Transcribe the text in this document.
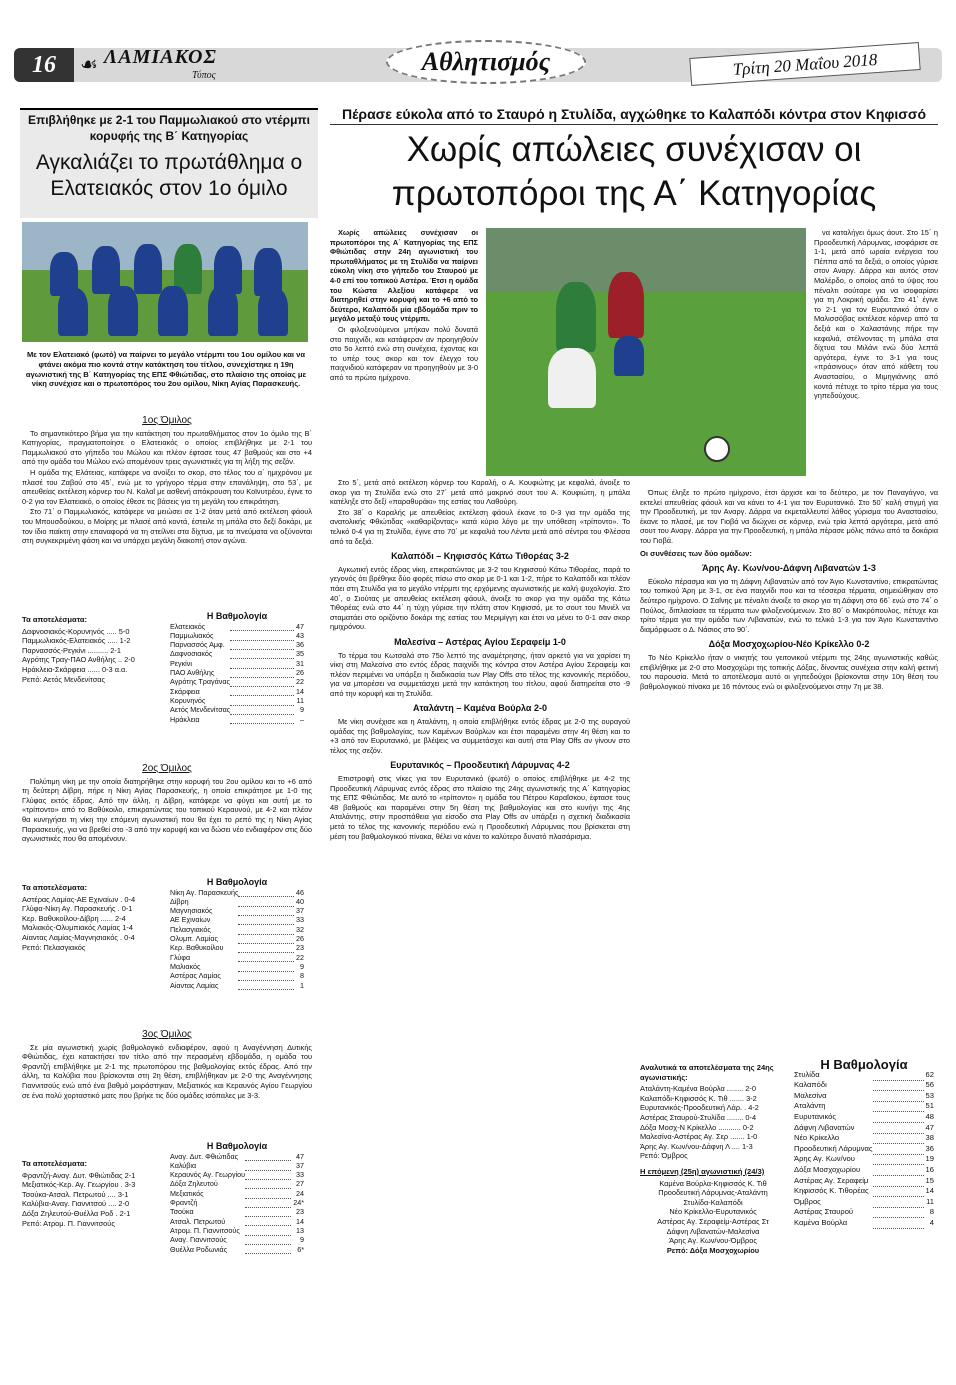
16	☙ ΛΑΜΙΑΚΟΣ
Τύπος	Αθλητισμός	Τρίτη 20 Μαΐου 2018
Επιβλήθηκε με 2-1 του Παμμωλιακού στο ντέρμπι κορυφής της Β΄ Κατηγορίας
Αγκαλιάζει το πρωτάθλημα ο Ελατειακός στον 1ο όμιλο
Με τον Ελατειακό (φωτό) να παίρνει το μεγάλο ντέρμπι του 1ου ομίλου και να φτάνει ακόμα πιο κοντά στην κατάκτηση του τίτλου, συνεχίστηκε η 19η αγωνιστική της Β΄ Κατηγορίας της ΕΠΣ Φθιώτιδας, στο πλαίσιο της οποίας με νίκη συνέχισε και ο πρωτοπόρος του 2ου ομίλου, Νίκη Αγίας Παρασκευής.
1ος Όμιλος

Το σημαντικότερο βήμα για την κατάκτηση του πρωταθλήματος στον 1ο όμιλο της Β΄ Κατηγορίας, πραγματοποίησε ο Ελατειακός ο οποίος επιβλήθηκε με 2-1 του Παμμωλιακού στο γήπεδο του Μώλου και πλέον έφτασε τους 47 βαθμούς και στο +4 από την ομάδα του Μώλου ενώ απομένουν τρεις αγωνιστικές για τη λήξη της σεζόν.

Η ομάδα της Ελάτειας, κατάφερε να ανοίξει το σκορ, στο τέλος του α΄ ημιχρόνου με πλασέ του Ζαβού στο 45΄, ενώ με το γρήγορο τέρμα στην επανάληψη, στο 53΄, με απευθείας εκτέλεση κόρνερ του Ν. Καλαΐ με ασθενή απόκρουση του Κοϊνυτρέου, έγινε το 0-2 για τον Ελατειακό, ο οποίος έθεσε τις βάσεις για τη μεγάλη του επικράτηση.

Στο 71΄ ο Παμμωλιακός, κατάφερε να μειώσει σε 1-2 όταν μετά από εκτέλεση φάουλ του Μπουσδούκου, ο Μοίρης με πλασέ από κοντά, έστειλε τη μπάλα στο δεξί δοκάρι, με τον ίδιο παίκτη στην επαναφορά να τη στείλνει στα δίχτυα, με τα πνεύματα να οξύνονται στη συγκεκριμένη φάση και να υπάρχει μεγάλη διακοπή στον αγώνα.

Τα αποτελέσματα:
Δαφνοσιακός-Κορυνηνός ..... 5-0
Παμμωλιακός-Ελατειακός ..... 1-2
Παρνασσός-Ρεγκίνι .......... 2-1
Αγρότης Τραγ-ΠΑΟ Ανθήλης .. 2-0
Ηράκλεια-Σκάρφεια ...... 0-3 α.α.
Ρεπό: Αετός Μενδενίτσας
Η Βαθμολογία
Ελατειακός		47
Παμμωλιακός		43
Παρνασσός Αμφ.		36
Δαφνοσιακός		35
Ρεγκίνι		31
ΠΑΟ Ανθήλης		26
Αγρότης Τραγάνας		22
Σκάρφεια		14
Κορυνηνός		11
Αετός Μενδενίτσας		9
Ηράκλεια		–
2ος Όμιλος

Πολύτιμη νίκη με την οποία διατηρήθηκε στην κορυφή του 2ου ομίλου και το +6 από τη δεύτερη Δίβρη, πήρε η Νίκη Αγίας Παρασκευής, η οποία επικράτησε με 1-0 της Γλύφας εκτός έδρας. Από την άλλη, η Δίβρη, κατάφερε να φύγει και αυτή με το «τρίποντο» από το Βαθύκοιλο, επικρατώντας του τοπικού Κεραυνού, με 4-2 και πλέον θα κυνηγήσει τη νίκη την επόμενη αγωνιστική που θα έχει το ρεπό της η Νίκη Αγίας Παρασκευής, για να βρεθεί στο -3 από την κορυφή και να δώσει νέο ενδιαφέρον στις δύο αγωνιστικές που θα απομένουν.

Τα αποτελέσματα:
Αστέρας Λαμίας-ΑΕ Εχιναίων . 0-4
Γλύφα-Νίκη Αγ. Παρασκευής . 0-1
Κερ. Βαθυκοίλου-Δίβρη ...... 2-4
Μαλιακός-Ολυμπιακός Λαμίας 1-4
Αίαντας Λαμίας-Μαγνησιακός . 0-4
Ρεπό: Πελασγιακός
Η Βαθμολογία
Νίκη Αγ. Παρασκευής		46
Δίβρη		40
Μαγνησιακός		37
ΑΕ Εχιναίων		33
Πελασγιακός		32
Ολυμπ. Λαμίας		26
Κερ. Βαθυκοίλου		23
Γλύφα		22
Μαλιακός		9
Αστέρας Λαμίας		8
Αίαντας Λαμίας		1
3ος Όμιλος

Σε μία αγωνιστική χωρίς βαθμολογικό ενδιαφέρον, αφού η Αναγέννηση Δυτικής Φθιώτιδας, έχει κατακτήσει τον τίτλο από την περασμένη εβδομάδα, η ομάδα του Φραντζή επιβλήθηκε με 2-1 της πρωτοπόρου της βαθμολογίας εκτός έδρας. Από την άλλη, τα Καλύβια που βρίσκονται στη 2η θέση, επιβλήθηκαν με 2-0 της Αναγέννησης Γιαννιτσούς ενώ από ένα βαθμό μοιράστηκαν, Μεξιατικός και Κεραυνός Αγίου Γεωργίου σε ένα πολύ χορταστικό ματς που βρήκε τις δύο ομάδες ισόπαλες με 3-3.

Τα αποτελέσματα:
Φραντζή-Αναγ. Δυτ. Φθιώτιδας 2-1
Μεξιατικός-Κερ. Αγ. Γεωργίου . 3-3
Τσούκα-Ατσαλ. Πετρωτού .... 3-1
Καλύβια-Αναγ. Γιαννιτσού .... 2-0
Δόξα Ζηλευτού-Θυέλλα Ροδ . 2-1
Ρεπό: Ατρομ. Π. Γιαννιτσούς
Η Βαθμολογία
Αναγ. Δυτ. Φθιώτιδας		47
Καλύβια		37
Κεραυνός Αγ. Γεωργίου		33
Δόξα Ζηλευτού		27
Μεξιατικός		24
Φραντζή		24*
Τσούκα		23
Ατσαλ. Πετρωτού		14
Ατρομ. Π. Γιαννιτσούς		13
Αναγ. Γιαννιτσούς		9
Θυέλλα Ροδωνιάς		6*
Πέρασε εύκολα από το Σταυρό η Στυλίδα, αγχώθηκε το Καλαπόδι κόντρα στον Κηφισσό
Χωρίς απώλειες συνέχισαν οι πρωτοπόροι της Α΄ Κατηγορίας

Χωρίς απώλειες συνέχισαν οι πρωτοπόροι της Α΄ Κατηγορίας της ΕΠΣ Φθιώτιδας στην 24η αγωνιστική του πρωταθλήματος με τη Στυλίδα να παίρνει εύκολη νίκη στο γήπεδο του Σταυρού με 4-0 επί του τοπικού Αστέρα. Έτσι η ομάδα του Κώστα Αλεξίου κατάφερε να διατηρηθεί στην κορυφή και το +6 από το δεύτερο, Καλαπόδι μία εβδομάδα πριν το μεγάλο μεταξύ τους ντέρμπι.

Οι φιλοξενούμενοι μπήκαν πολύ δυνατά στο παιχνίδι, και κατάφεραν αν προηγηθούν στο 5ο λεπτό ενώ στη συνέχεια, έχοντας και το υπέρ τους σκορ και τον έλεγχο του παιχνιδιού κατάφεραν να προηγηθούν με 3-0 από το πρώτο ημίχρονο.

Στο 5΄, μετά από εκτέλεση κόρνερ του Καραλή, ο Α. Κουφιώτης με κεφαλιά, άνοιξε το σκορ για τη Στυλίδα ενώ στο 27΄ μετά από μακρινό σουτ του Α. Κουφιώτη, η μπάλα κατέληξε στο δεξί «παραθυράκι» της εστίας του Λαθούρη.

Στο 38΄ ο Καραλής με απευθείας εκτέλεση φάουλ έκανε το 0-3 για την ομάδα της ανατολικής Φθιώτιδας «καθαρίζοντας» κατά κύριο λόγο με την υπόθεση «τρίποντο». Το τελικό 0-4 για τη Στυλίδα, έγινε στο 70΄ με κεφαλιά του Λέντα μετά από σέντρα του Φλέσσα από τα δεξιά.

Καλαπόδι – Κηφισσός Κάτω Τιθορέας 3-2

Αγκωτική εντός έδρας νίκη, επικρατώντας με 3-2 του Κηφισσού Κάτω Τιθορέας, παρά το γεγονός ότι βρέθηκε δύο φορές πίσω στο σκορ με 0-1 και 1-2, πήρε το Καλαπόδι και πλέον πάει στη Στυλίδα για το μεγάλο ντέρμπι της ερχόμενης αγωνιστικής με καλή ψυχολογία. Στο 40΄, ο Σιούτας με απευθείας εκτέλεση φάουλ, άνοιξε το σκορ για την ομάδα της Κάτω Τιθορέας ενώ στο 44΄ η τύχη γύρισε την πλάτη στον Κηφισσό, με το σουτ του Μινιέλ να σταματάει στο οριζόντιο δοκάρι της εστίας του Μεριμίγγη και έτσι να μένει το 0-1 σαν σκορ ημιχρόνου.

Μαλεσίνα – Αστέρας Αγίου Σεραφείμ 1-0

Το τέρμα του Κωτσαλά στο 75ο λεπτό της αναμέτρησης, ήταν αρκετό για να χαρίσει τη νίκη στη Μαλεσίνα στο εντός έδρας παιχνίδι της κόντρα στον Αστέρα Αγίου Σεραφείμ και πλέον περιμένει να υπάρξει η διαδικασία των Play Offs στο τέλος της κανονικής περιόδου, για να μπορέσει να συμμετάσχει μετά την κατάκτηση του τίτλου, αφού διατηρείται στο -9 από την κορυφή και τη Στυλίδα.

Αταλάντη – Καμένα Βούρλα 2-0

Με νίκη συνέχισε και η Αταλάντη, η οποία επιβλήθηκε εντός έδρας με 2-0 της ουραγού ομάδας της βαθμολογίας, των Καμένων Βούρλων και έτσι παραμένει στην 4η θέση και το +3 από τον Ευρυτανικό, με βλέψεις να συμμετάσχει και αυτή στα Play Offs αν γίνουν στο τέλος της σεζόν.

Ευρυτανικός – Προοδευτική Λάρυμνας 4-2

Επιστροφή στις νίκες για τον Ευρυτανικό (φωτό) ο οποίος επιβλήθηκε με 4-2 της Προοδευτική Λάρυμνας εντός έδρας στο πλαίσιο της 24ης αγωνιστικής της Α΄ Κατηγορίας της ΕΠΣ Φθιώτιδας. Με αυτό το «τρίποντο» η ομάδα του Πέτρου Καραΐσκου, έφτασε τους 48 βαθμούς και παραμένει στην 5η θέση της βαθμολογίας και στο κυνήγι της 4ης Αταλάντης, στην προσπάθεια για είσοδο στα Play Offs αν υπάρξει η σχετική διαδικασία μετά το τέλος της κανονικής περιόδου ενώ η Προοδευτική Λάρυμνας που βρίσκεται στη μέση του βαθμολογικού πίνακα, θέλει να κάνει το καλύτερο δυνατό πλασάρισμα.

να καταλήγει όμως άουτ. Στο 15΄ η Προοδευτική Λάρυμνας, ισοφάρισε σε 1-1, μετά από ωραία ενέργεια του Πέππα από τα δεξιά, ο οποίος γύρισε στον Αναργ. Δάρρα και αυτός στον Μαλέρδο, ο οποίος από το ύψος του πέναλτι σούταρε για να ισοφαρίσει για τη Λοκρική ομάδα. Στο 41΄ έγινε το 2-1 για τον Ευρυτανικό όταν ο Μαλισσόβας εκτέλεσε κόρνερ από τα δεξιά και ο Χαλαστάνης πήρε την κεφαλιά, στέλνοντας τη μπάλα στα δίχτυα του Μιλάνι ενώ δύο λεπτά αργότερα, έγινε το 3-1 για τους «πράσινους» όταν από κάθετη του Αναστασίου, ο Μιμηγιάννης από κοντά πέτυχε το τρίτο τέρμα για τους γηπεδούχους.

Όπως έληξε το πρώτο ημίχρονο, έτσι άρχισε και το δεύτερο, με τον Παναγάγνο, να εκτελεί απευθείας φάουλ και να κάνει το 4-1 για τον Ευρυτανικό. Στο 50΄ καλή στιγμή για την Προοδευτική, με τον Αναργ. Δάρρα να εκμεταλλευτεί λάθος γύρισμα του Αναστασίου, έκανε το πλασέ, με τον Γιοβά να διώχνει σε κόρνερ, ενώ τρία λεπτά αργότερα, μετά από σουτ του Αναργ. Δάρρα για την Προοδευτική, η μπάλα πέρασε μόλις πάνω από τα δοκάρια του Γιοβά.

Οι συνθέσεις των δύο ομάδων:
Άρης Αγ. Κων/νου-Δάφνη Λιβανατών 1-3

Εύκολο πέρασμα και για τη Δάφνη Λιβανατών από τον Άγιο Κωνσταντίνο, επικρατώντας του τοπικού Άρη με 3-1, σε ένα παιχνίδι που και τα τέσσερα τέρματα, σημειώθηκαν στο δεύτερο ημίχρονο. Ο Σαΐνης με πέναλτι άνοιξε το σκορ για τη Δάφνη στο 66΄ ενώ στο 74΄ ο Πούλος, διπλασίασε τα τέρματα των φιλοξενούμενων. Στο 80΄ ο Μακρόπουλος, πέτυχε και τρίτο τέρμα για την ομάδα των Λιβανατών, ενώ το τελικό 1-3 για τον Άγιο Κωνσταντίνο διαμόρφωσε ο Δ. Νάσιος στο 90΄.

Δόξα Μοσχοχωρίου-Νέο Κρίκελλο 0-2

Το Νέο Κρίκελλο ήταν ο νικητής του γειτονικού ντέρμπι της 24ης αγωνιστικής καθώς επιβλήθηκε με 2-0 στο Μοσχοχώρι της τοπικής Δόξας, δίνοντας συνέχεια στην καλή φετινή του παρουσία. Μετά το αποτέλεσμα αυτό οι γηπεδούχοι βρίσκονται στην 10η θέση του βαθμολογικού πίνακα με 16 πόντους ενώ οι φιλοξενούμενοι στην 7η με 38.

Αναλυτικά τα αποτελέσματα της 24ης αγωνιστικής:
Αταλάντη-Καμένα Βούρλα ........ 2-0
Καλαπόδι-Κηφισσός Κ. Τιθ ....... 3-2
Ευρυτανικός-Προοδευτική Λάρ. . 4-2
Αστέρας Σταυρού-Στυλίδα ........ 0-4
Δόξα Μοσχ-Ν Κρίκελλο ........... 0-2
Μαλεσίνα-Αστέρας Αγ. Σερ ....... 1-0
Άρης Αγ. Κων/νου-Δάφνη Λ .... 1-3
Ρεπό: Όμβρος
Η επόμενη (25η) αγωνιστική (24/3)
Καμένα Βούρλα-Κηφισσός Κ. Τιθ
Προοδευτική Λάρυμνας-Αταλάντη
Στυλίδα-Καλαπόδι
Νέο Κρίκελλο-Ευρυτανικός
Αστέρας Αγ. Σεραφείμ-Αστέρας Στ
Δάφνη Λιβανατών-Μαλεσίνα
Άρης Αγ. Κων/νου-Όμβρος
Ρεπό: Δόξα Μοσχοχωρίου
Η Βαθμολογία
Στυλίδα		62
Καλαπόδι		56
Μαλεσίνα		53
Αταλάντη		51
Ευρυτανικός		48
Δάφνη Λιβανατών		47
Νέο Κρίκελλο		38
Προοδευτική Λάρυμνας		36
Άρης Αγ. Κων/νου		19
Δόξα Μοσχοχωρίου		16
Αστέρας Αγ. Σεραφείμ		15
Κηφισσός Κ. Τιθορέας		14
Όμβρος		11
Αστέρας Σταυρού		8
Καμένα Βούρλα		4
